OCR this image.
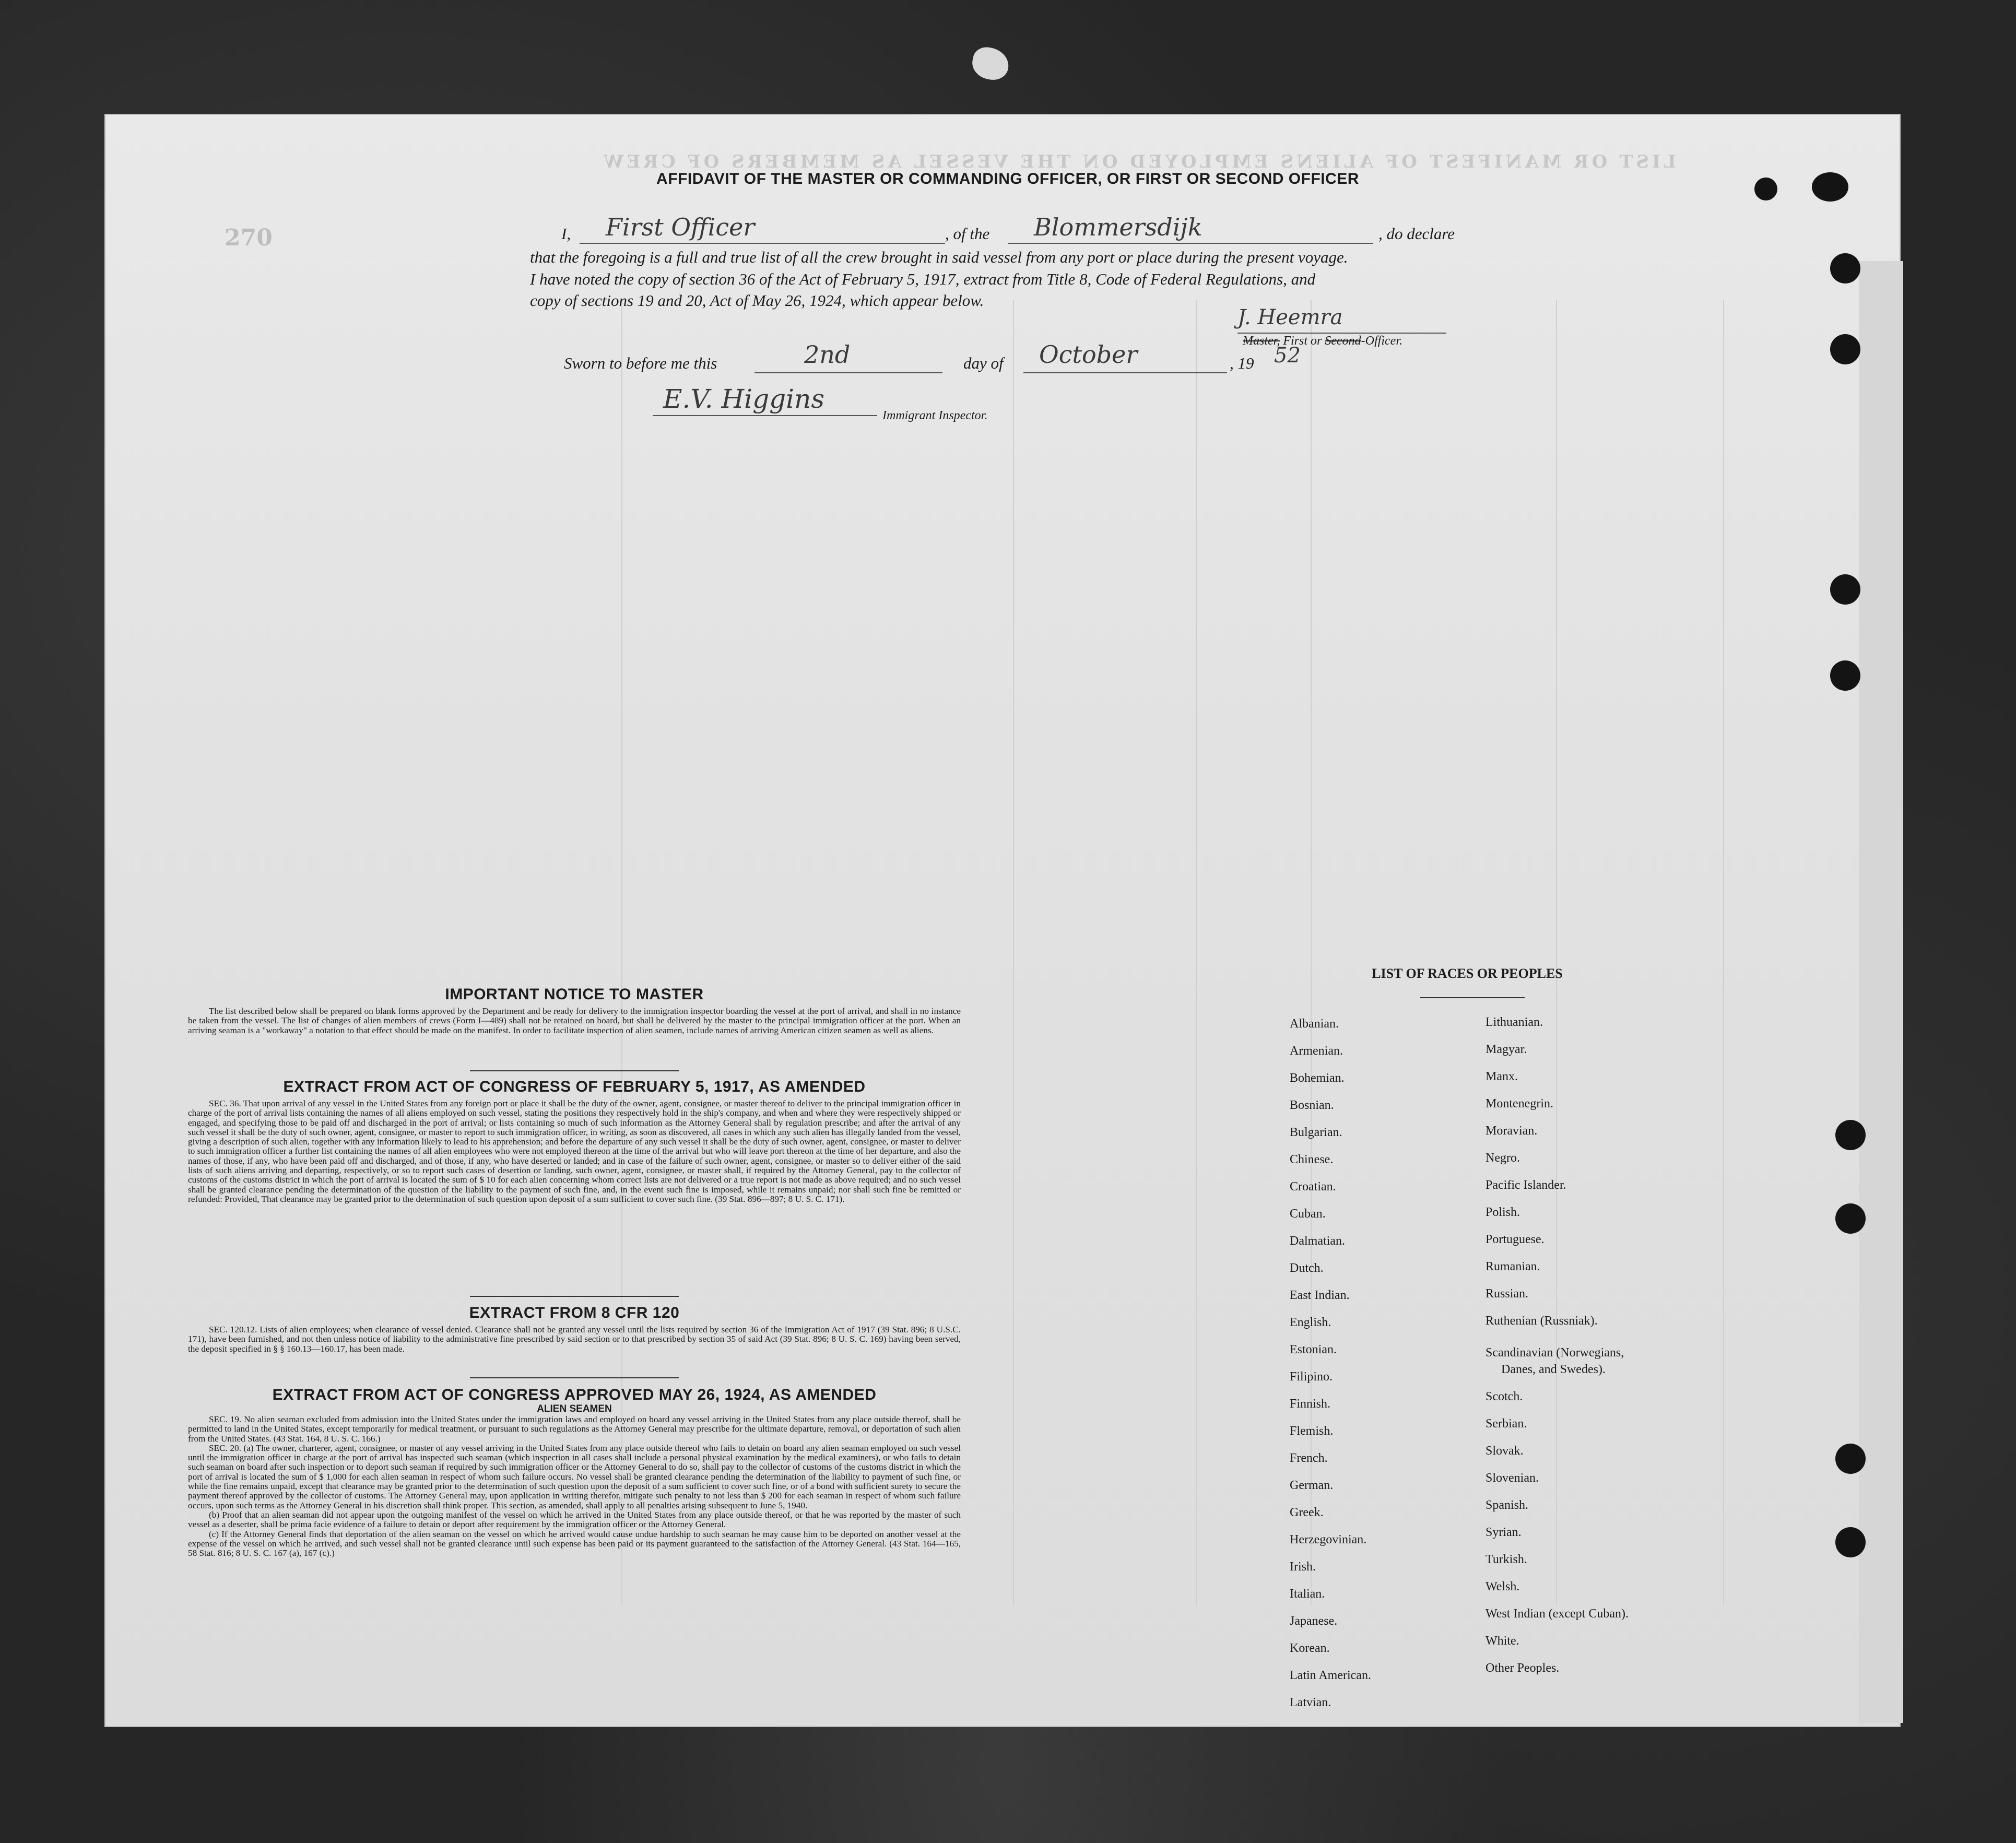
LIST OR MANIFEST OF ALIENS EMPLOYED ON THE VESSEL AS MEMBERS OF CREW
270
AFFIDAVIT OF THE MASTER OR COMMANDING OFFICER, OR FIRST OR SECOND OFFICER
I, First Officer	, of the Blommersdijk	, do declare
that the foregoing is a full and true list of all the crew brought in said vessel from any port or place during the present voyage.
I have noted the copy of section 36 of the Act of February 5, 1917, extract from Title 8, Code of Federal Regulations, and
copy of sections 19 and 20, Act of May 26, 1924, which appear below.
J. Heemra
Master, First or Second-Officer.
Sworn to before me this	2nd	day of October	, 19 52
E.V. Higgins
Immigrant Inspector.
IMPORTANT NOTICE TO MASTER

The list described below shall be prepared on blank forms approved by the Department and be ready for delivery to the immigration inspector boarding the vessel at the port of arrival, and shall in no instance be taken from the vessel. The list of changes of alien members of crews (Form I—489) shall not be retained on board, but shall be delivered by the master to the principal immigration officer at the port. When an arriving seaman is a "workaway" a notation to that effect should be made on the manifest. In order to facilitate inspection of alien seamen, include names of arriving American citizen seamen as well as aliens.

EXTRACT FROM ACT OF CONGRESS OF FEBRUARY 5, 1917, AS AMENDED

SEC. 36. That upon arrival of any vessel in the United States from any foreign port or place it shall be the duty of the owner, agent, consignee, or master thereof to deliver to the principal immigration officer in charge of the port of arrival lists containing the names of all aliens employed on such vessel, stating the positions they respectively hold in the ship's company, and when and where they were respectively shipped or engaged, and specifying those to be paid off and discharged in the port of arrival; or lists containing so much of such information as the Attorney General shall by regulation prescribe; and after the arrival of any such vessel it shall be the duty of such owner, agent, consignee, or master to report to such immigration officer, in writing, as soon as discovered, all cases in which any such alien has illegally landed from the vessel, giving a description of such alien, together with any information likely to lead to his apprehension; and before the departure of any such vessel it shall be the duty of such owner, agent, consignee, or master to deliver to such immigration officer a further list containing the names of all alien employees who were not employed thereon at the time of the arrival but who will leave port thereon at the time of her departure, and also the names of those, if any, who have been paid off and discharged, and of those, if any, who have deserted or landed; and in case of the failure of such owner, agent, consignee, or master so to deliver either of the said lists of such aliens arriving and departing, respectively, or so to report such cases of desertion or landing, such owner, agent, consignee, or master shall, if required by the Attorney General, pay to the collector of customs of the customs district in which the port of arrival is located the sum of $ 10 for each alien concerning whom correct lists are not delivered or a true report is not made as above required; and no such vessel shall be granted clearance pending the determination of the question of the liability to the payment of such fine, and, in the event such fine is imposed, while it remains unpaid; nor shall such fine be remitted or refunded: Provided, That clearance may be granted prior to the determination of such question upon deposit of a sum sufficient to cover such fine. (39 Stat. 896—897; 8 U. S. C. 171).

EXTRACT FROM 8 CFR 120

SEC. 120.12. Lists of alien employees; when clearance of vessel denied. Clearance shall not be granted any vessel until the lists required by section 36 of the Immigration Act of 1917 (39 Stat. 896; 8 U.S.C. 171), have been furnished, and not then unless notice of liability to the administrative fine prescribed by said section or to that prescribed by section 35 of said Act (39 Stat. 896; 8 U. S. C. 169) having been served, the deposit specified in § § 160.13—160.17, has been made.

EXTRACT FROM ACT OF CONGRESS APPROVED MAY 26, 1924, AS AMENDED
ALIEN SEAMEN

SEC. 19. No alien seaman excluded from admission into the United States under the immigration laws and employed on board any vessel arriving in the United States from any place outside thereof, shall be permitted to land in the United States, except temporarily for medical treatment, or pursuant to such regulations as the Attorney General may prescribe for the ultimate departure, removal, or deportation of such alien from the United States. (43 Stat. 164, 8 U. S. C. 166.)

SEC. 20. (a) The owner, charterer, agent, consignee, or master of any vessel arriving in the United States from any place outside thereof who fails to detain on board any alien seaman employed on such vessel until the immigration officer in charge at the port of arrival has inspected such seaman (which inspection in all cases shall include a personal physical examination by the medical examiners), or who fails to detain such seaman on board after such inspection or to deport such seaman if required by such immigration officer or the Attorney General to do so, shall pay to the collector of customs of the customs district in which the port of arrival is located the sum of $ 1,000 for each alien seaman in respect of whom such failure occurs. No vessel shall be granted clearance pending the determination of the liability to payment of such fine, or while the fine remains unpaid, except that clearance may be granted prior to the determination of such question upon the deposit of a sum sufficient to cover such fine, or of a bond with sufficient surety to secure the payment thereof approved by the collector of customs. The Attorney General may, upon application in writing therefor, mitigate such penalty to not less than $ 200 for each seaman in respect of whom such failure occurs, upon such terms as the Attorney General in his discretion shall think proper. This section, as amended, shall apply to all penalties arising subsequent to June 5, 1940.

(b) Proof that an alien seaman did not appear upon the outgoing manifest of the vessel on which he arrived in the United States from any place outside thereof, or that he was reported by the master of such vessel as a deserter, shall be prima facie evidence of a failure to detain or deport after requirement by the immigration officer or the Attorney General.

(c) If the Attorney General finds that deportation of the alien seaman on the vessel on which he arrived would cause undue hardship to such seaman he may cause him to be deported on another vessel at the expense of the vessel on which he arrived, and such vessel shall not be granted clearance until such expense has been paid or its payment guaranteed to the satisfaction of the Attorney General. (43 Stat. 164—165, 58 Stat. 816; 8 U. S. C. 167 (a), 167 (c).)

LIST OF RACES OR PEOPLES
Albanian.
Armenian.
Bohemian.
Bosnian.
Bulgarian.
Chinese.
Croatian.
Cuban.
Dalmatian.
Dutch.
East Indian.
English.
Estonian.
Filipino.
Finnish.
Flemish.
French.
German.
Greek.
Herzegovinian.
Irish.
Italian.
Japanese.
Korean.
Latin American.
Latvian.
Lithuanian.
Magyar.
Manx.
Montenegrin.
Moravian.
Negro.
Pacific Islander.
Polish.
Portuguese.
Rumanian.
Russian.
Ruthenian (Russniak).
Scandinavian (Norwegians,
Danes, and Swedes).
Scotch.
Serbian.
Slovak.
Slovenian.
Spanish.
Syrian.
Turkish.
Welsh.
West Indian (except Cuban).
White.
Other Peoples.
